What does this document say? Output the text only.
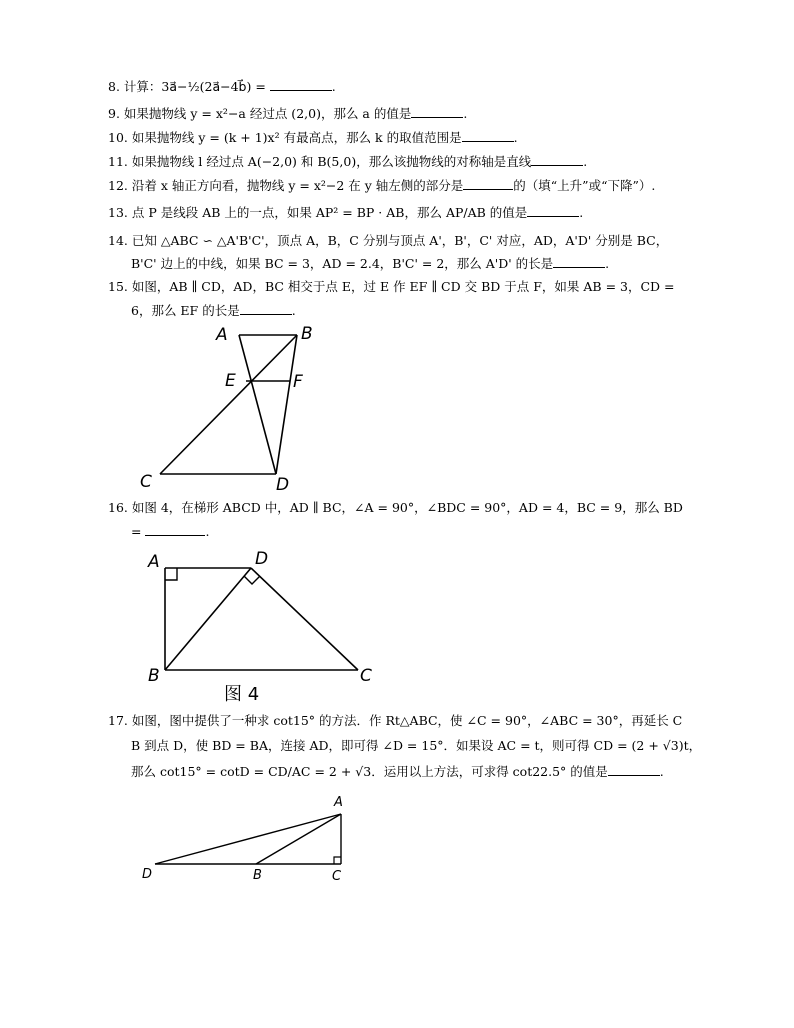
8. 计算：3a⃗−½(2a⃗−4b⃗) =	.
9. 如果抛物线 y = x²−a 经过点 (2,0)，那么 a 的值是	.
10. 如果抛物线 y = (k + 1)x² 有最高点，那么 k 的取值范围是	.
11. 如果抛物线 l 经过点 A(−2,0) 和 B(5,0)，那么该抛物线的对称轴是直线	.
12. 沿着 x 轴正方向看，抛物线 y = x²−2 在 y 轴左侧的部分是	的（填“上升”或“下降”）.
13. 点 P 是线段 AB 上的一点，如果 AP² = BP · AB，那么 AP/AB 的值是	.
14. 已知 △ABC ∽ △A'B'C'，顶点 A，B，C 分别与顶点 A'，B'，C' 对应，AD，A'D' 分别是 BC，
B'C' 边上的中线，如果 BC = 3，AD = 2.4，B'C' = 2，那么 A'D' 的长是	.
15. 如图，AB ∥ CD，AD，BC 相交于点 E，过 E 作 EF ∥ CD 交 BD 于点 F，如果 AB = 3，CD =
6，那么 EF 的长是	.
A	B
E	F
C	D
16. 如图 4，在梯形 ABCD 中，AD ∥ BC，∠A = 90°，∠BDC = 90°，AD = 4，BC = 9，那么 BD
=	.
A	D
B	C
图 4
17. 如图，图中提供了一种求 cot15° 的方法．作 Rt△ABC，使 ∠C = 90°，∠ABC = 30°，再延长 C
B 到点 D，使 BD = BA，连接 AD，即可得 ∠D = 15°．如果设 AC = t，则可得 CD = (2 + √3)t，
那么 cot15° = cotD = CD/AC = 2 + √3．运用以上方法，可求得 cot22.5° 的值是	.
A
D	B	C
